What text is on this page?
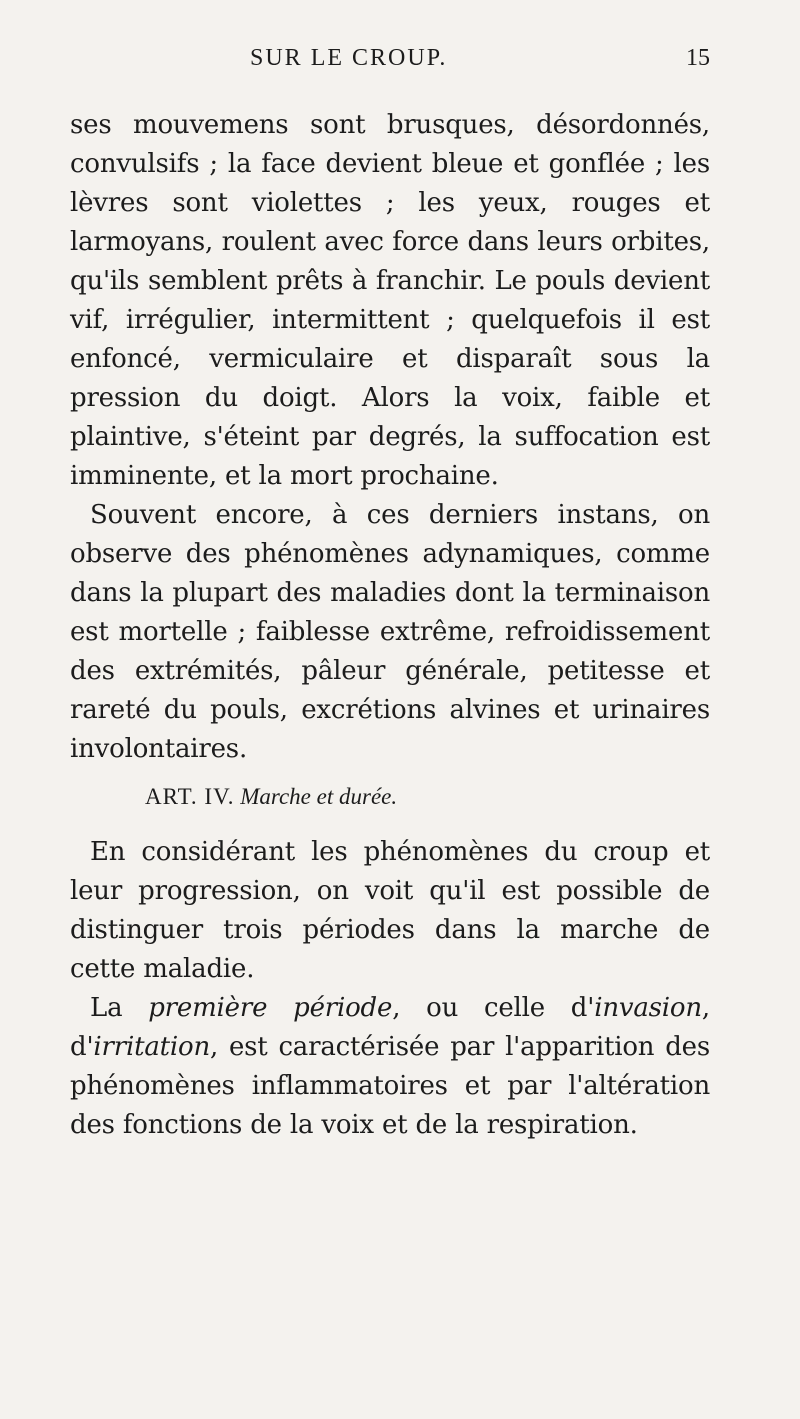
SUR LE CROUP.	15

ses mouvemens sont brusques, désordonnés, convulsifs ; la face devient bleue et gonflée ; les lèvres sont violettes ; les yeux, rouges et larmoyans, roulent avec force dans leurs orbites, qu'ils semblent prêts à franchir. Le pouls devient vif, irrégulier, intermittent ; quelquefois il est enfoncé, vermiculaire et disparaît sous la pression du doigt. Alors la voix, faible et plaintive, s'éteint par degrés, la suffocation est imminente, et la mort prochaine.

Souvent encore, à ces derniers instans, on observe des phénomènes adynamiques, comme dans la plupart des maladies dont la terminaison est mortelle ; faiblesse extrême, refroidissement des extrémités, pâleur générale, petitesse et rareté du pouls, excrétions alvines et urinaires involontaires.

ART. IV. Marche et durée.

En considérant les phénomènes du croup et leur progression, on voit qu'il est possible de distinguer trois périodes dans la marche de cette maladie.

La première période, ou celle d'invasion, d'irritation, est caractérisée par l'apparition des phénomènes inflammatoires et par l'altération des fonctions de la voix et de la respiration.
